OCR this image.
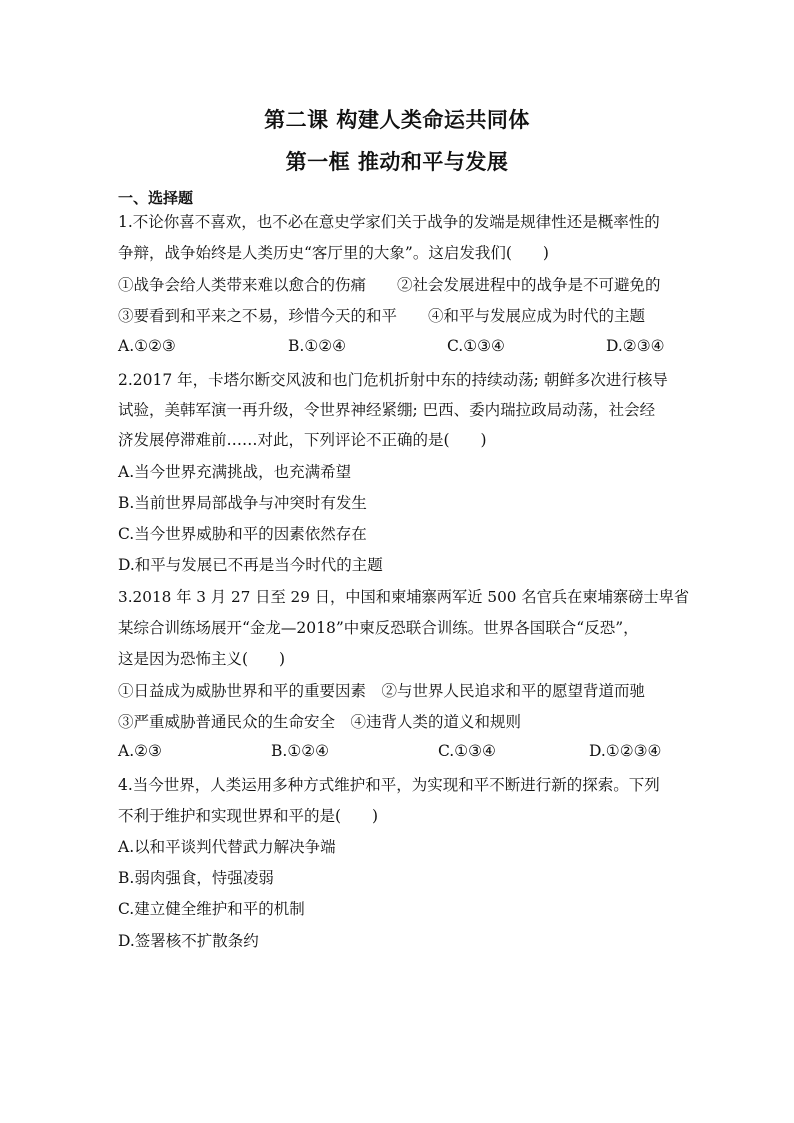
第二课 构建人类命运共同体
第一框 推动和平与发展
一、选择题
1.不论你喜不喜欢，也不必在意史学家们关于战争的发端是规律性还是概率性的
争辩，战争始终是人类历史“客厅里的大象”。这启发我们(　　)
①战争会给人类带来难以愈合的伤痛　　②社会发展进程中的战争是不可避免的
③要看到和平来之不易，珍惜今天的和平　　④和平与发展应成为时代的主题
A.①②③	B.①②④	C.①③④	D.②③④
2.2017 年，卡塔尔断交风波和也门危机折射中东的持续动荡; 朝鲜多次进行核导
试验，美韩军演一再升级，令世界神经紧绷; 巴西、委内瑞拉政局动荡，社会经
济发展停滞难前……对此，下列评论不正确的是(　　)
A.当今世界充满挑战，也充满希望
B.当前世界局部战争与冲突时有发生
C.当今世界威胁和平的因素依然存在
D.和平与发展已不再是当今时代的主题
3.2018 年 3 月 27 日至 29 日，中国和柬埔寨两军近 500 名官兵在柬埔寨磅士卑省
某综合训练场展开“金龙—2018”中柬反恐联合训练。世界各国联合“反恐”，
这是因为恐怖主义(　　)
①日益成为威胁世界和平的重要因素　②与世界人民追求和平的愿望背道而驰
③严重威胁普通民众的生命安全　④违背人类的道义和规则
A.②③	B.①②④	C.①③④	D.①②③④
4.当今世界，人类运用多种方式维护和平，为实现和平不断进行新的探索。下列
不利于维护和实现世界和平的是(　　)
A.以和平谈判代替武力解决争端
B.弱肉强食，恃强凌弱
C.建立健全维护和平的机制
D.签署核不扩散条约
